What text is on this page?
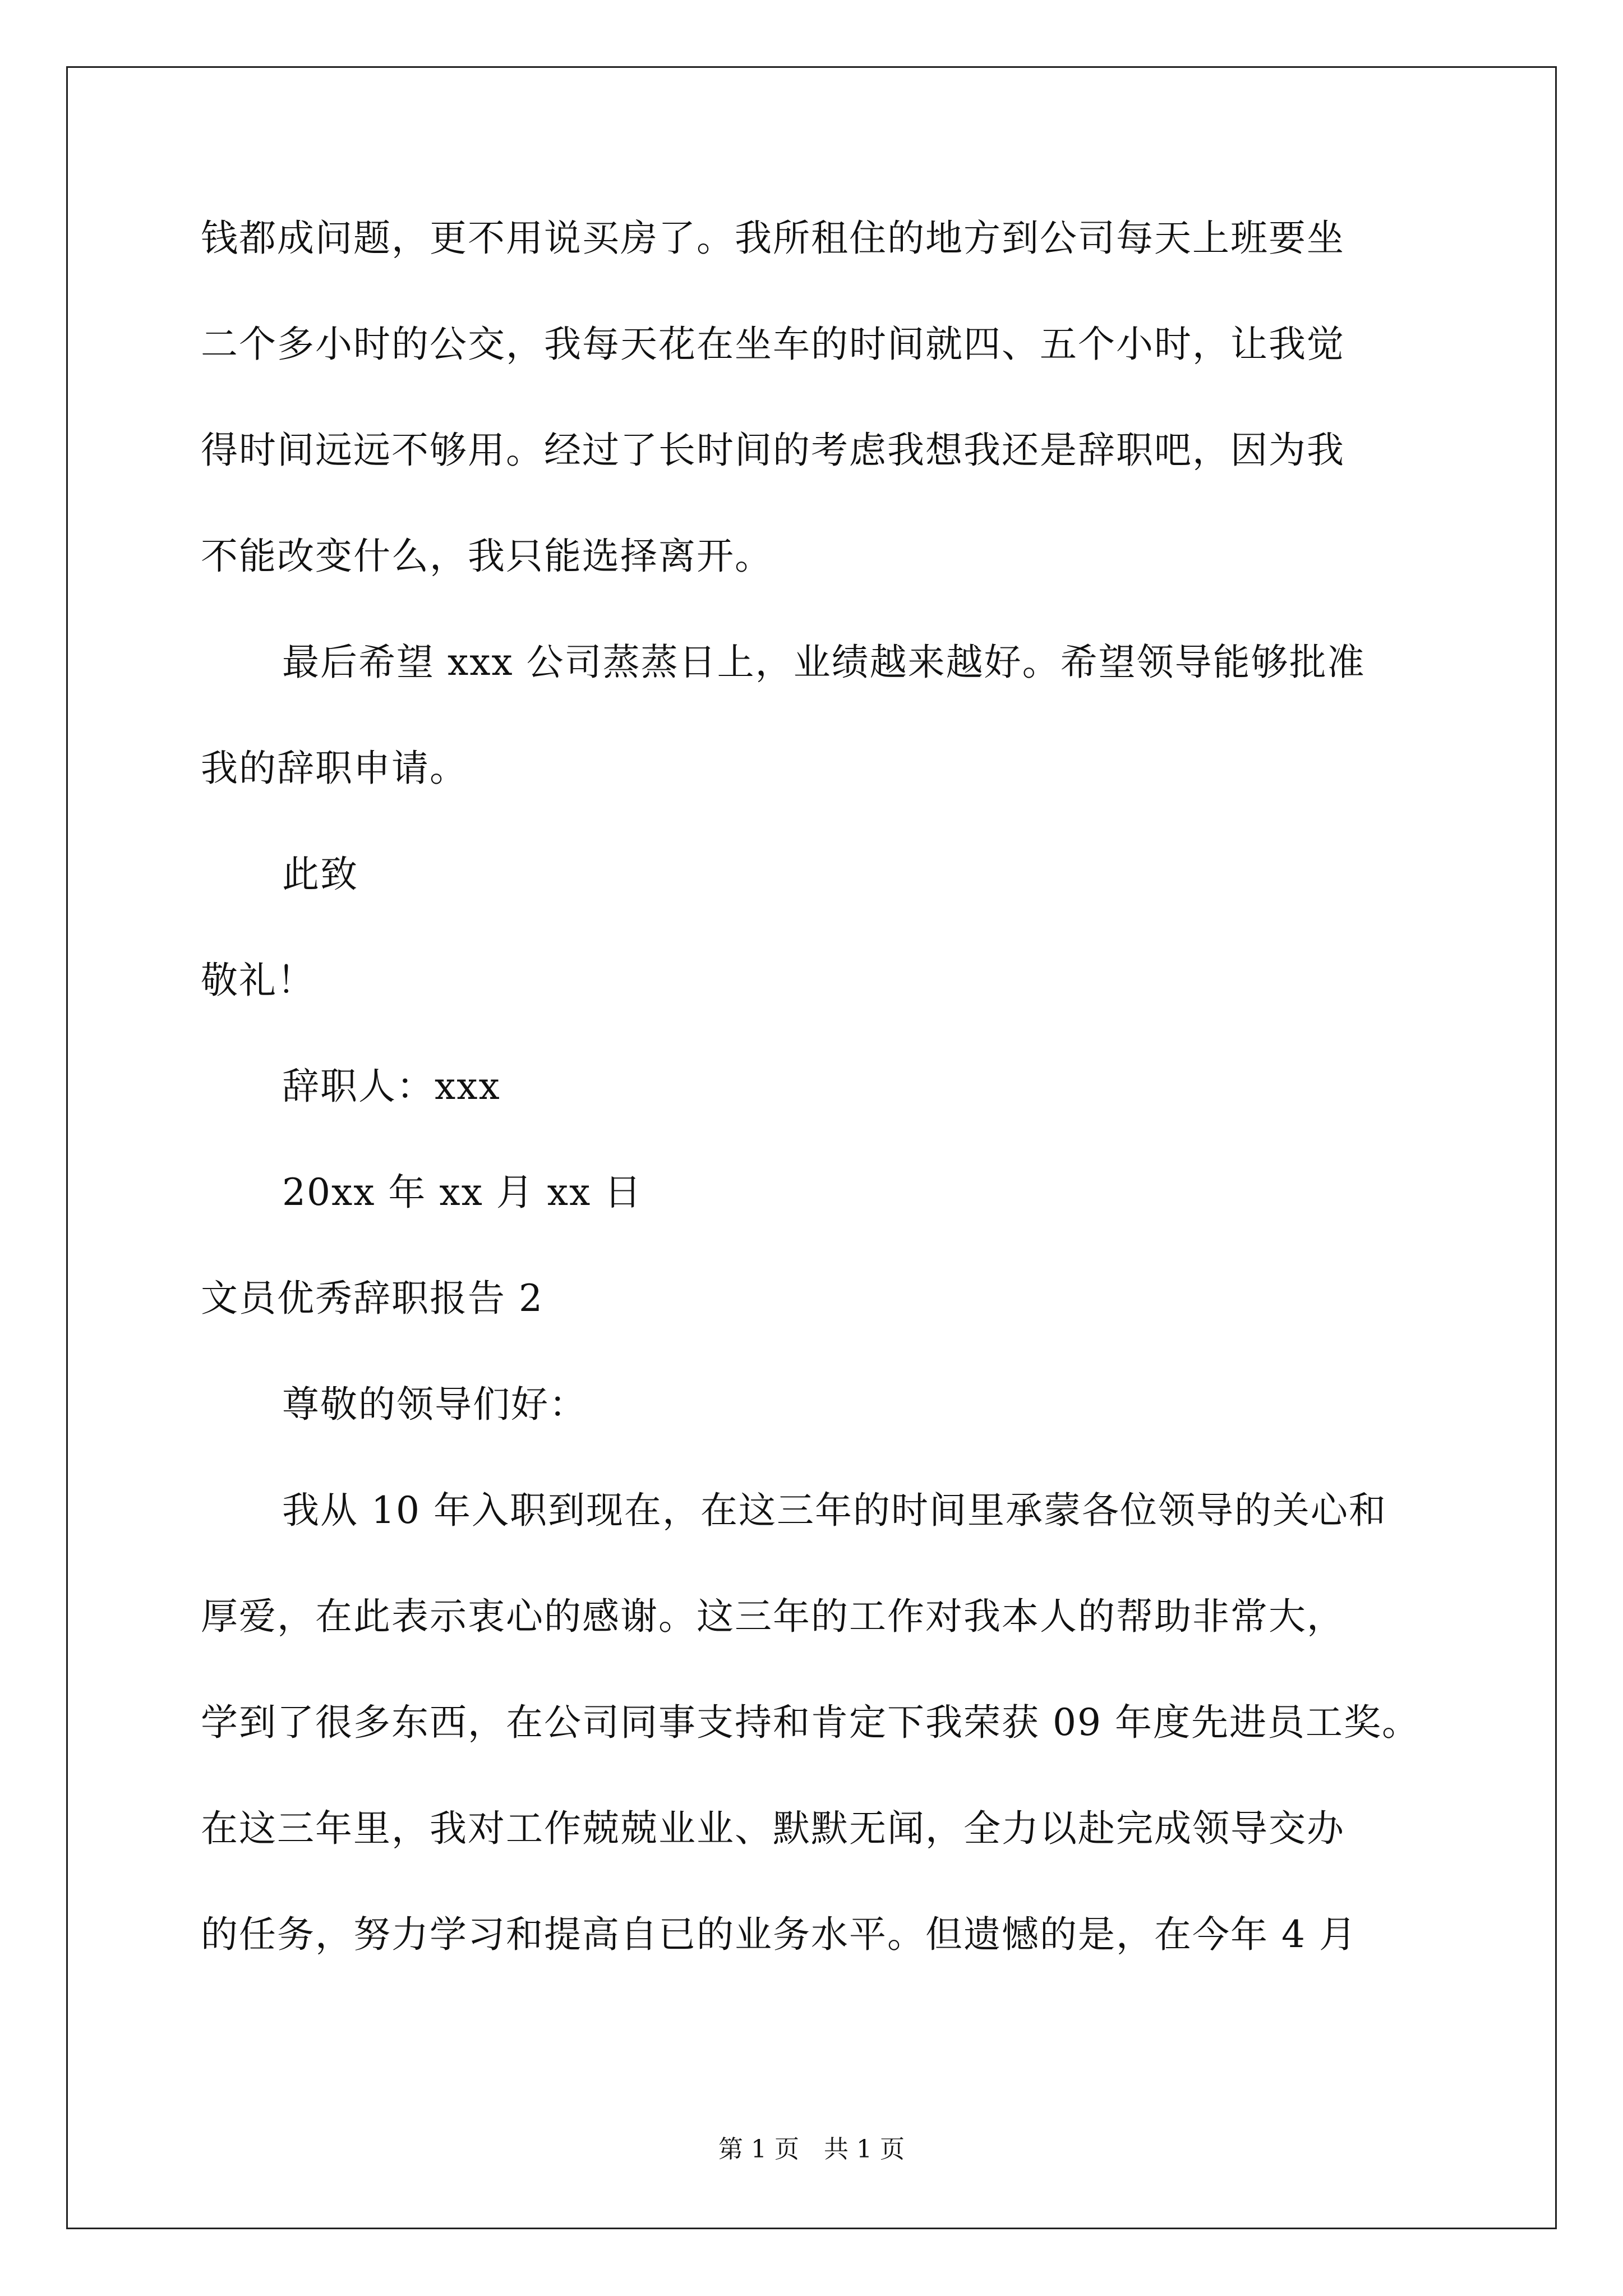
钱都成问题，更不用说买房了。我所租住的地方到公司每天上班要坐
二个多小时的公交，我每天花在坐车的时间就四、五个小时，让我觉
得时间远远不够用。经过了长时间的考虑我想我还是辞职吧，因为我
不能改变什么，我只能选择离开。
最后希望 xxx 公司蒸蒸日上，业绩越来越好。希望领导能够批准
我的辞职申请。
此致
敬礼！
辞职人：xxx
20xx 年 xx 月 xx 日
文员优秀辞职报告 2
尊敬的领导们好：
我从 10 年入职到现在，在这三年的时间里承蒙各位领导的关心和
厚爱，在此表示衷心的感谢。这三年的工作对我本人的帮助非常大，
学到了很多东西，在公司同事支持和肯定下我荣获 09 年度先进员工奖。
在这三年里，我对工作兢兢业业、默默无闻，全力以赴完成领导交办
的任务，努力学习和提高自已的业务水平。但遗憾的是，在今年 4 月
第 1 页　共 1 页
